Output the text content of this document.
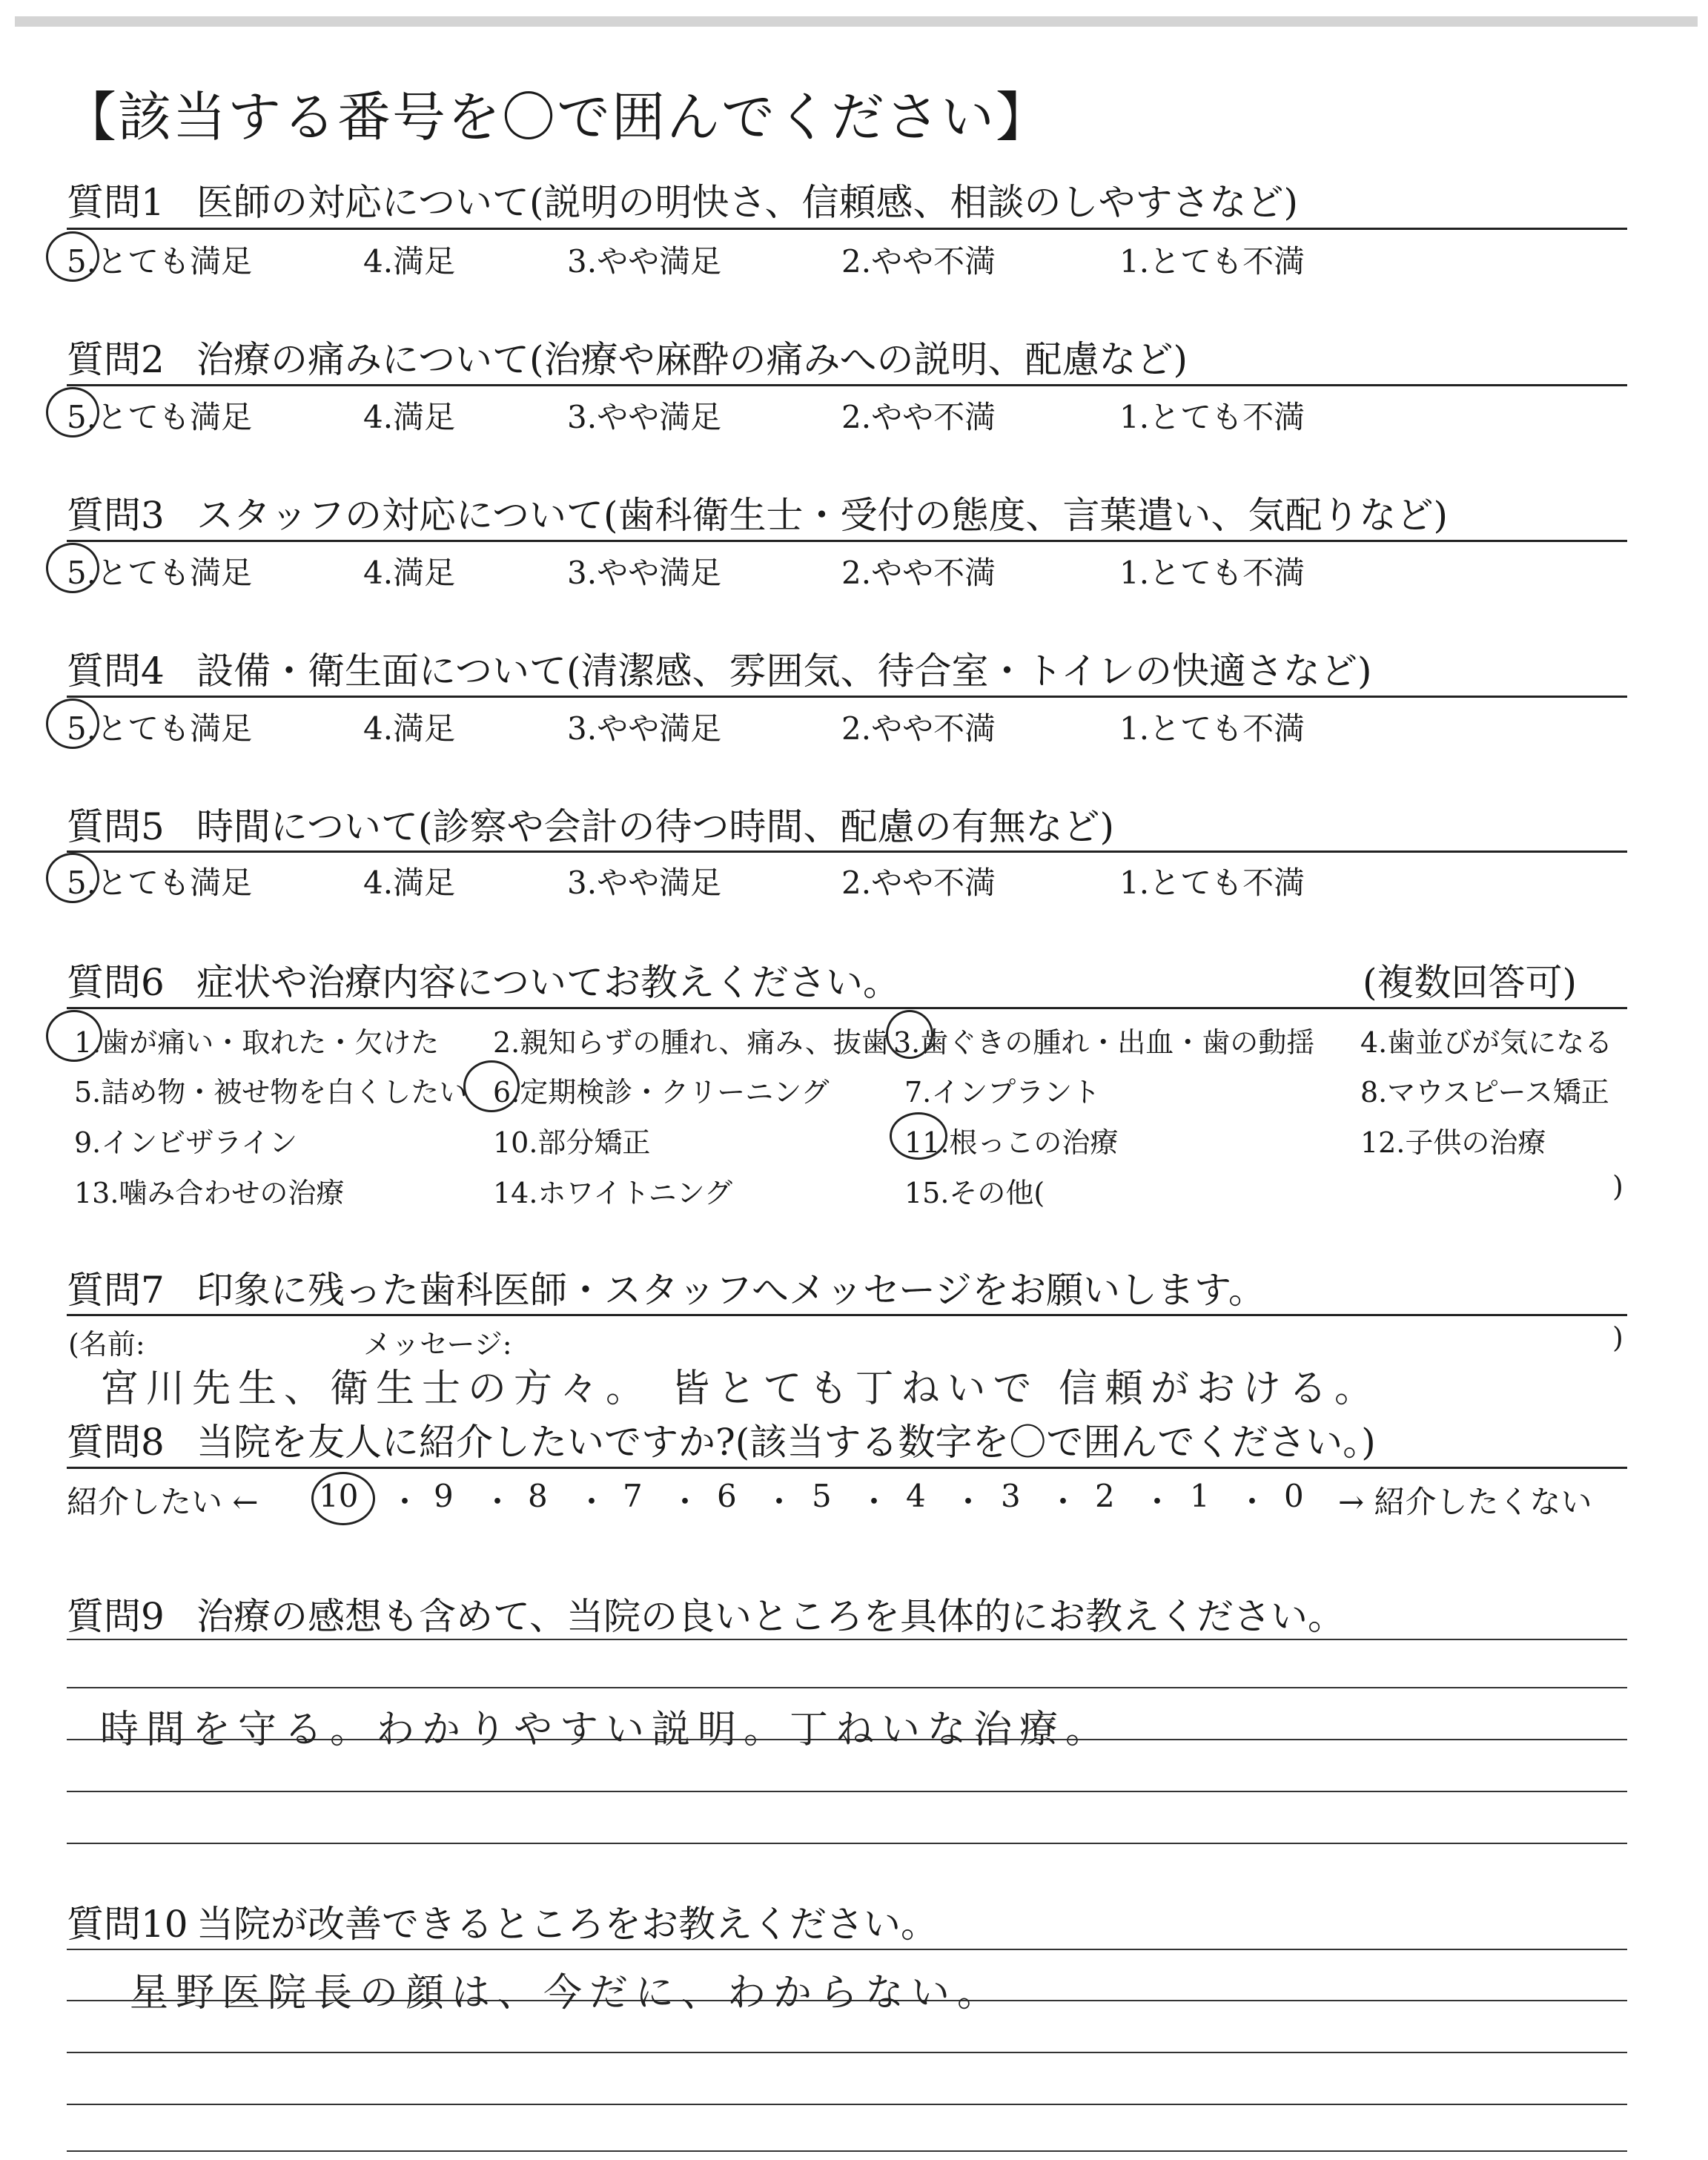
【該当する番号を〇で囲んでください】
質問1 医師の対応について(説明の明快さ、信頼感、相談のしやすさなど)
5.とても満足	4.満足	3.やや満足	2.やや不満	1.とても不満
質問2 治療の痛みについて(治療や麻酔の痛みへの説明、配慮など)
5.とても満足	4.満足	3.やや満足	2.やや不満	1.とても不満
質問3 スタッフの対応について(歯科衛生士・受付の態度、言葉遣い、気配りなど)
5.とても満足	4.満足	3.やや満足	2.やや不満	1.とても不満
質問4 設備・衛生面について(清潔感、雰囲気、待合室・トイレの快適さなど)
5.とても満足	4.満足	3.やや満足	2.やや不満	1.とても不満
質問5 時間について(診察や会計の待つ時間、配慮の有無など)
5.とても満足	4.満足	3.やや満足	2.やや不満	1.とても不満
質問6 症状や治療内容についてお教えください。	(複数回答可)
1.歯が痛い・取れた・欠けた 2.親知らずの腫れ、痛み、抜歯 3.歯ぐきの腫れ・出血・歯の動揺 4.歯並びが気になる
5.詰め物・被せ物を白くしたい 6.定期検診・クリーニング	7.インプラント	8.マウスピース矯正
9.インビザライン	10.部分矯正	11.根っこの治療	12.子供の治療
13.噛み合わせの治療	14.ホワイトニング	15.その他(	)
質問7 印象に残った歯科医師・スタッフへメッセージをお願いします。
(名前:	メッセージ:	)
宮川先生、衛生士の方々。 皆とても丁ねいで 信頼がおける。
質問8 当院を友人に紹介したいですか?(該当する数字を〇で囲んでください。)
紹介したい ←	→ 紹介したくない
10 ・ 9 ・ 8 ・ 7 ・ 6 ・ 5 ・ 4 ・ 3 ・ 2 ・ 1 ・ 0
質問9 治療の感想も含めて、当院の良いところを具体的にお教えください。
時間を守る。わかりやすい説明。丁ねいな治療。
質問10 当院が改善できるところをお教えください。
星野医院長の顔は、今だに、わからない。
